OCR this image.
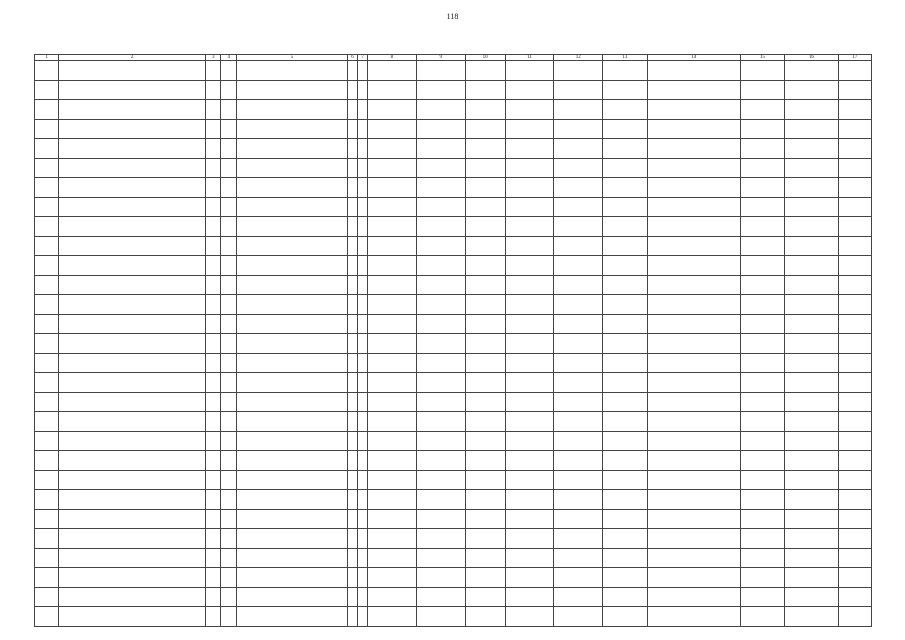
118
1	2	3	4	5	6	7	8	9	10	11	12	13	14	15	16	17
